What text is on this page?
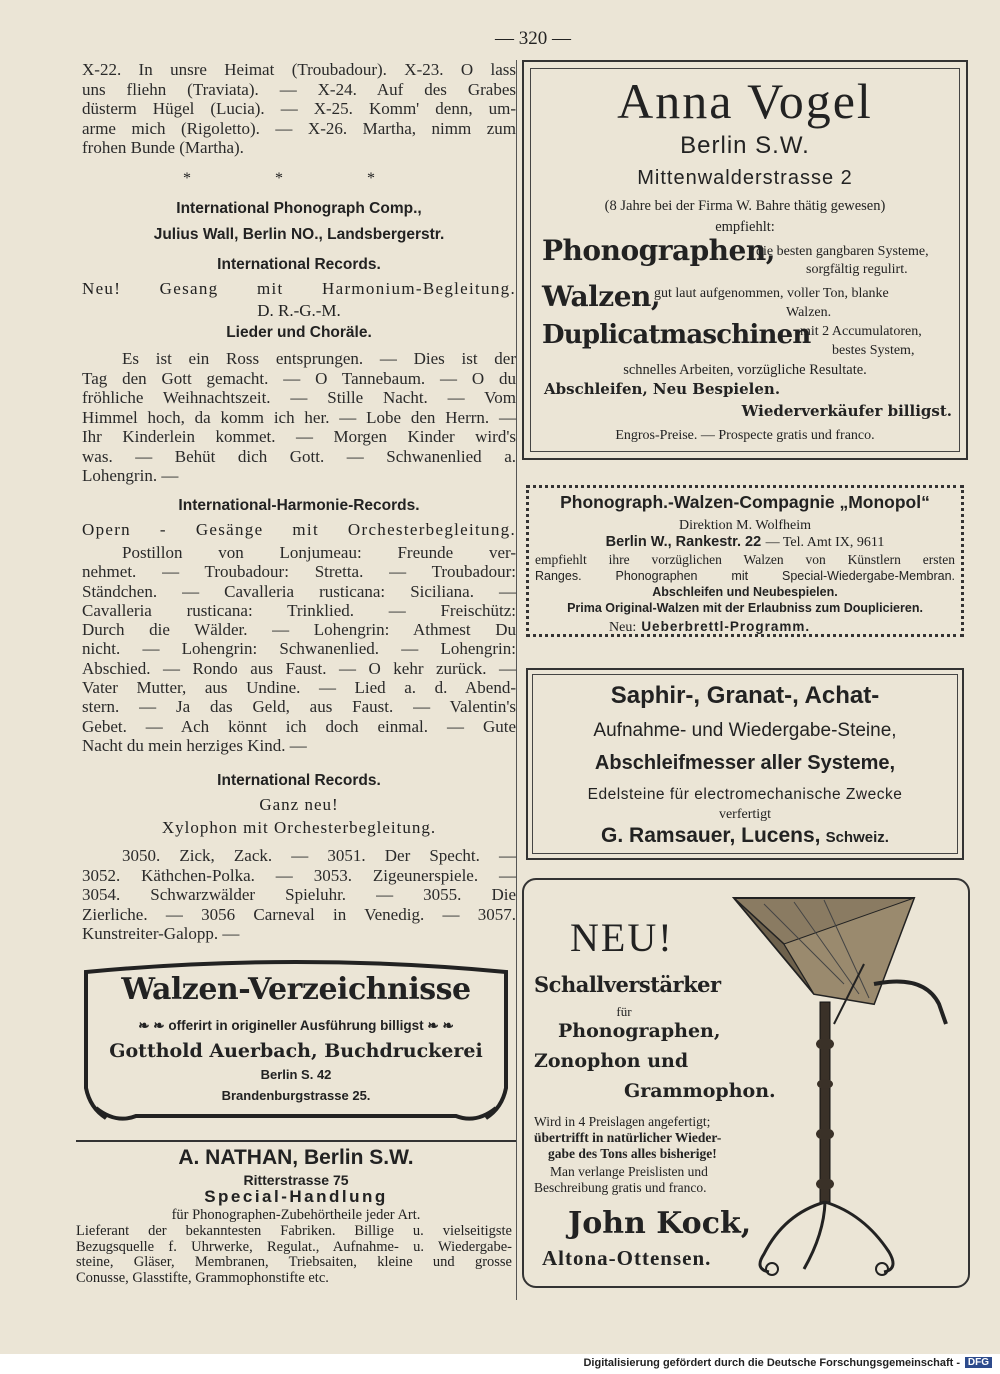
— 320 —
X-22. In unsre Heimat (Troubadour). X-23. O lass
uns fliehn (Traviata). — X-24. Auf des Grabes
düsterm Hügel (Lucia). — X-25. Komm' denn, um-
arme mich (Rigoletto). — X-26. Martha, nimm zum
frohen Bunde (Martha).
* * *
International Phonograph Comp.,
Julius Wall, Berlin NO., Landsbergerstr.
International Records.
Neu! Gesang mit Harmonium-Begleitung.
D. R.-G.-M.
Lieder und Choräle.
Es ist ein Ross entsprungen. — Dies ist der
Tag den Gott gemacht. — O Tannebaum. — O du
fröhliche Weihnachtszeit. — Stille Nacht. — Vom
Himmel hoch, da komm ich her. — Lobe den Herrn. —
Ihr Kinderlein kommet. — Morgen Kinder wird's
was. — Behüt dich Gott. — Schwanenlied a.
Lohengrin. —
International-Harmonie-Records.
Opern - Gesänge mit Orchesterbegleitung.
Postillon von Lonjumeau: Freunde ver-
nehmet. — Troubadour: Stretta. — Troubadour:
Ständchen. — Cavalleria rusticana: Siciliana. —
Cavalleria rusticana: Trinklied. — Freischütz:
Durch die Wälder. — Lohengrin: Athmest Du
nicht. — Lohengrin: Schwanenlied. — Lohengrin:
Abschied. — Rondo aus Faust. — O kehr zurück. —
Vater Mutter, aus Undine. — Lied a. d. Abend-
stern. — Ja das Geld, aus Faust. — Valentin's
Gebet. — Ach könnt ich doch einmal. — Gute
Nacht du mein herziges Kind. —
International Records.
Ganz neu!
Xylophon mit Orchesterbegleitung.
3050. Zick, Zack. — 3051. Der Specht. —
3052. Käthchen-Polka. — 3053. Zigeunerspiele. —
3054. Schwarzwälder Spieluhr. — 3055. Die
Zierliche. — 3056 Carneval in Venedig. — 3057.
Kunstreiter-Galopp. —
Walzen-Verzeichnisse
❧ ❧ offerirt in origineller Ausführung billigst ❧ ❧
Gotthold Auerbach, Buchdruckerei
Berlin S. 42
Brandenburgstrasse 25.
A. NATHAN, Berlin S.W.
Ritterstrasse 75
Special-Handlung
für Phonographen-Zubehörtheile jeder Art.
Lieferant der bekanntesten Fabriken. Billige u. vielseitigste
Bezugsquelle f. Uhrwerke, Regulat., Aufnahme- u. Wiedergabe-
steine, Gläser, Membranen, Triebsaiten, kleine und grosse
Conusse, Glasstifte, Grammophonstifte etc.
Anna Vogel
Berlin S.W.
Mittenwalderstrasse 2
(8 Jahre bei der Firma W. Bahre thätig gewesen)
empfiehlt:
Phonographen,
die besten gangbaren Systeme,
sorgfältig regulirt.
Walzen,
gut laut aufgenommen, voller Ton, blanke
Walzen.
Duplicatmaschinen
mit 2 Accumulatoren,
bestes System,
schnelles Arbeiten, vorzügliche Resultate.
Abschleifen, Neu Bespielen.
Wiederverkäufer billigst.
Engros-Preise. — Prospecte gratis und franco.
Phonograph.-Walzen-Compagnie „Monopol“
Direktion M. Wolfheim
Berlin W., Rankestr. 22 — Tel. Amt IX, 9611
empfiehlt ihre vorzüglichen Walzen von Künstlern ersten
Ranges. Phonographen mit Special-Wiedergabe-Membran.
Abschleifen und Neubespielen.
Prima Original-Walzen mit der Erlaubniss zum Douplicieren.
Neu: Ueberbrettl-Programm.
Saphir-, Granat-, Achat-
Aufnahme- und Wiedergabe-Steine,
Abschleifmesser aller Systeme,
Edelsteine für electromechanische Zwecke
verfertigt
G. Ramsauer, Lucens, Schweiz.
NEU!
Schallverstärker
für
Phonographen,
Zonophon und
Grammophon.
Wird in 4 Preislagen angefertigt;
übertrifft in natürlicher Wieder-
gabe des Tons alles bisherige!
Man verlange Preislisten und
Beschreibung gratis und franco.
John Kock,
Altona-Ottensen.
Digitalisierung gefördert durch die Deutsche Forschungsgemeinschaft - DFG
